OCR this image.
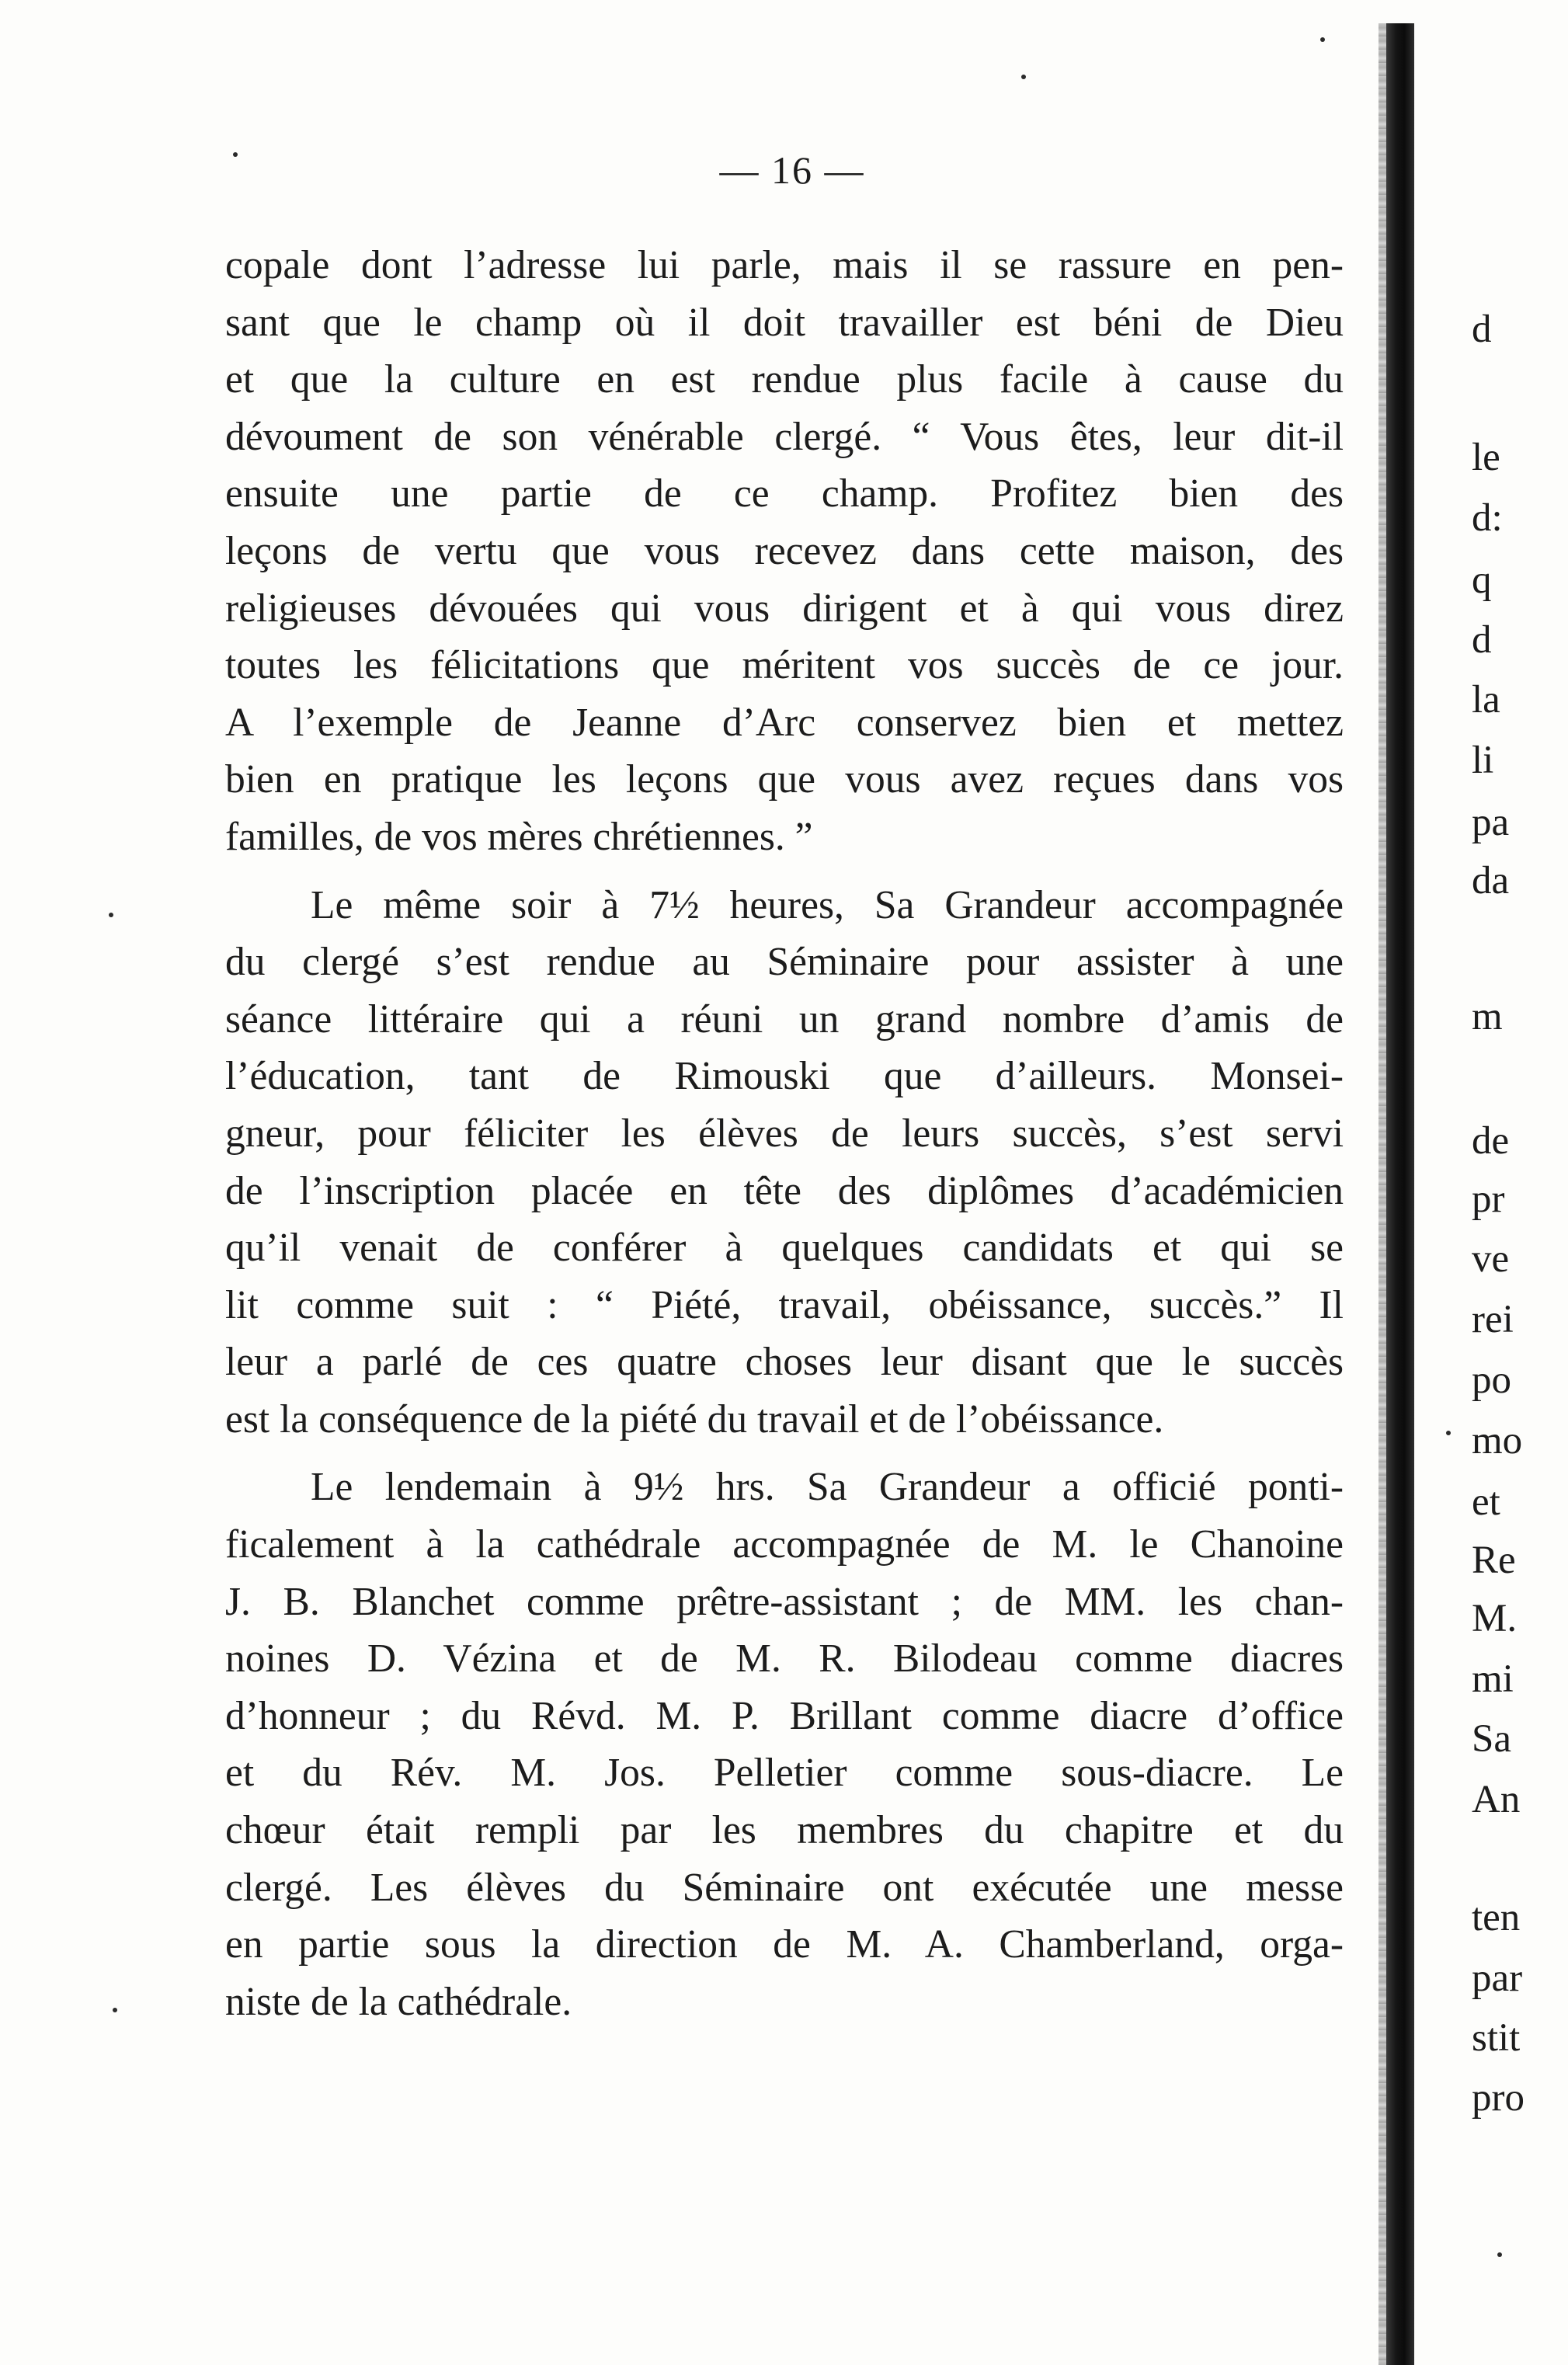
— 16 —

copale dont l’adresse lui parle, mais il se rassure en pen-
sant que le champ où il doit travailler est béni de Dieu
et que la culture en est rendue plus facile à cause du
dévoument de son vénérable clergé. “ Vous êtes, leur dit-il
ensuite une partie de ce champ. Profitez bien des
leçons de vertu que vous recevez dans cette maison, des
religieuses dévouées qui vous dirigent et à qui vous direz
toutes les félicitations que méritent vos succès de ce jour.
A l’exemple de Jeanne d’Arc conservez bien et mettez
bien en pratique les leçons que vous avez reçues dans vos
familles, de vos mères chrétiennes. ”

Le même soir à 7½ heures, Sa Grandeur accompagnée
du clergé s’est rendue au Séminaire pour assister à une
séance littéraire qui a réuni un grand nombre d’amis de
l’éducation, tant de Rimouski que d’ailleurs. Monsei-
gneur, pour féliciter les élèves de leurs succès, s’est servi
de l’inscription placée en tête des diplômes d’académicien
qu’il venait de conférer à quelques candidats et qui se
lit comme suit : “ Piété, travail, obéissance, succès.” Il
leur a parlé de ces quatre choses leur disant que le succès
est la conséquence de la piété du travail et de l’obéissance.

Le lendemain à 9½ hrs. Sa Grandeur a officié ponti-
ficalement à la cathédrale accompagnée de M. le Chanoine
J. B. Blanchet comme prêtre-assistant ; de MM. les chan-
noines D. Vézina et de M. R. Bilodeau comme diacres
d’honneur ; du Révd. M. P. Brillant comme diacre d’office
et du Rév. M. Jos. Pelletier comme sous-diacre. Le
chœur était rempli par les membres du chapitre et du
clergé. Les élèves du Séminaire ont exécutée une messe
en partie sous la direction de M. A. Chamberland, orga-
niste de la cathédrale.

d
le
d:
q
d
la
li
pa
da
m
de
pr
ve
rei
po
mo
et
Re
M.
mi
Sa
An
ten
par
stit
pro
